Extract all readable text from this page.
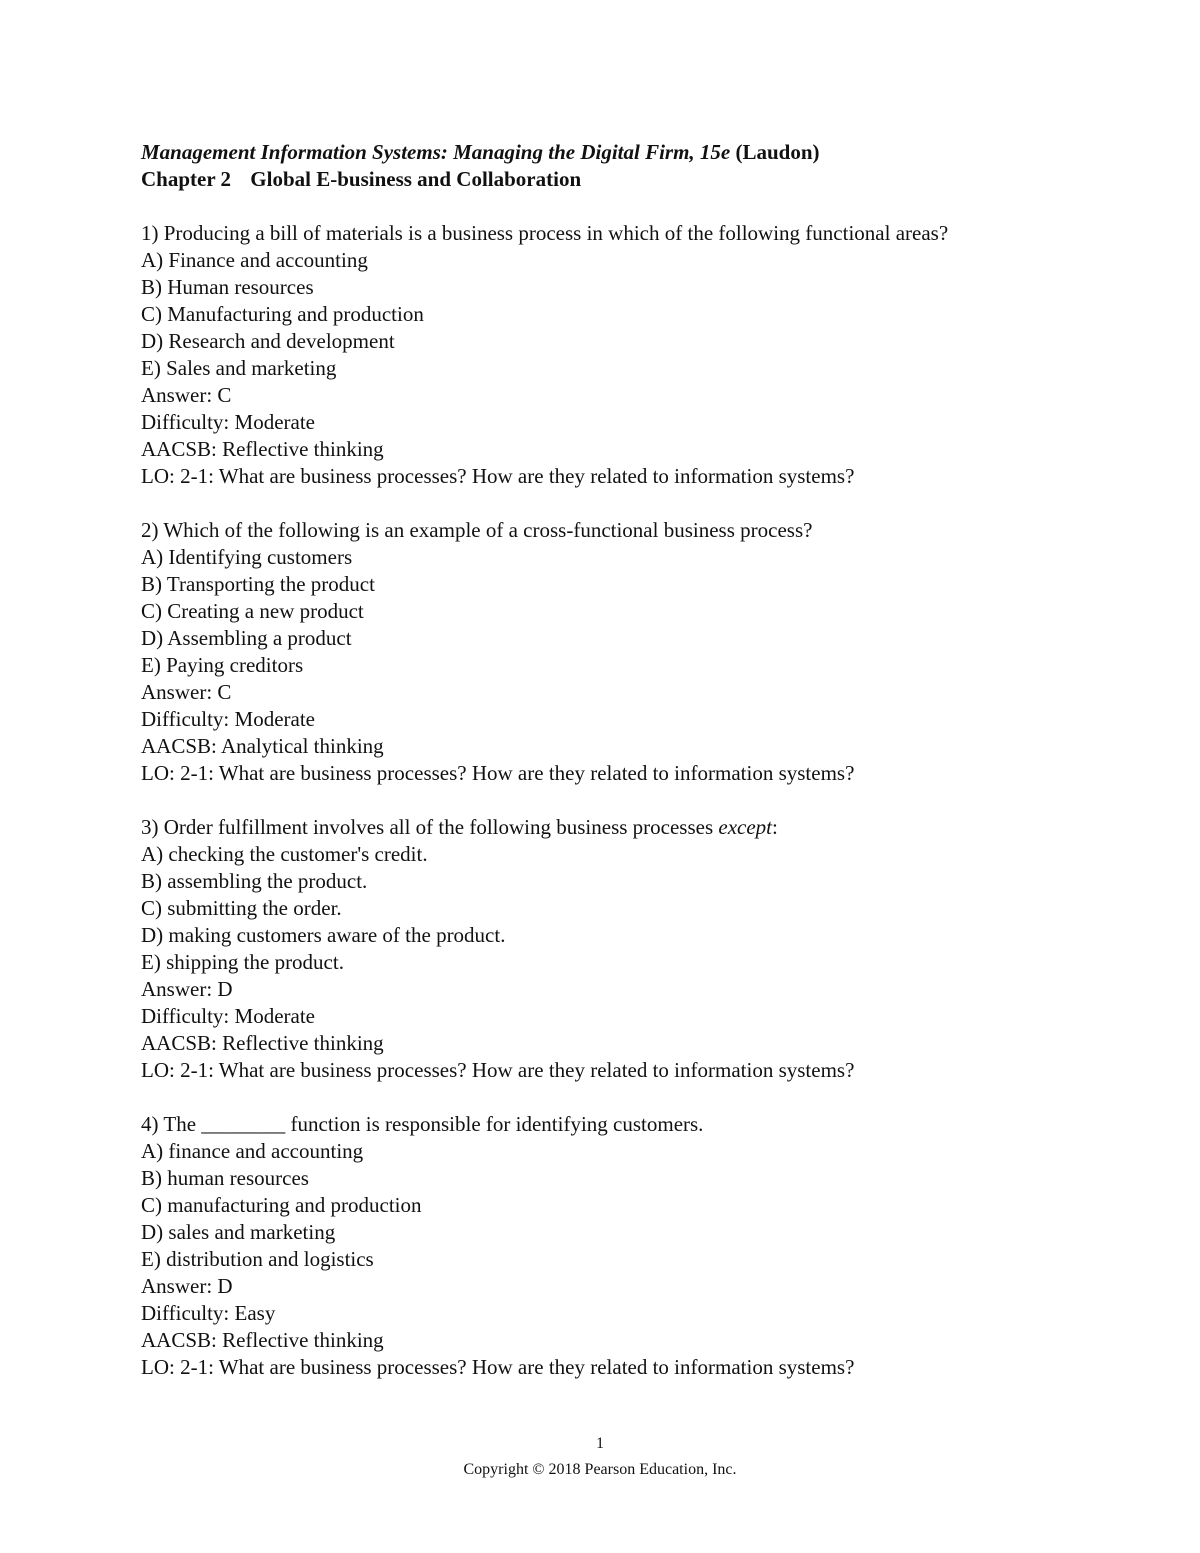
Management Information Systems: Managing the Digital Firm, 15e (Laudon)
Chapter 2 Global E-business and Collaboration
1) Producing a bill of materials is a business process in which of the following functional areas?
A) Finance and accounting
B) Human resources
C) Manufacturing and production
D) Research and development
E) Sales and marketing
Answer: C
Difficulty: Moderate
AACSB: Reflective thinking
LO: 2-1: What are business processes? How are they related to information systems?
2) Which of the following is an example of a cross-functional business process?
A) Identifying customers
B) Transporting the product
C) Creating a new product
D) Assembling a product
E) Paying creditors
Answer: C
Difficulty: Moderate
AACSB: Analytical thinking
LO: 2-1: What are business processes? How are they related to information systems?
3) Order fulfillment involves all of the following business processes except:
A) checking the customer's credit.
B) assembling the product.
C) submitting the order.
D) making customers aware of the product.
E) shipping the product.
Answer: D
Difficulty: Moderate
AACSB: Reflective thinking
LO: 2-1: What are business processes? How are they related to information systems?
4) The ________ function is responsible for identifying customers.
A) finance and accounting
B) human resources
C) manufacturing and production
D) sales and marketing
E) distribution and logistics
Answer: D
Difficulty: Easy
AACSB: Reflective thinking
LO: 2-1: What are business processes? How are they related to information systems?
1
Copyright © 2018 Pearson Education, Inc.
